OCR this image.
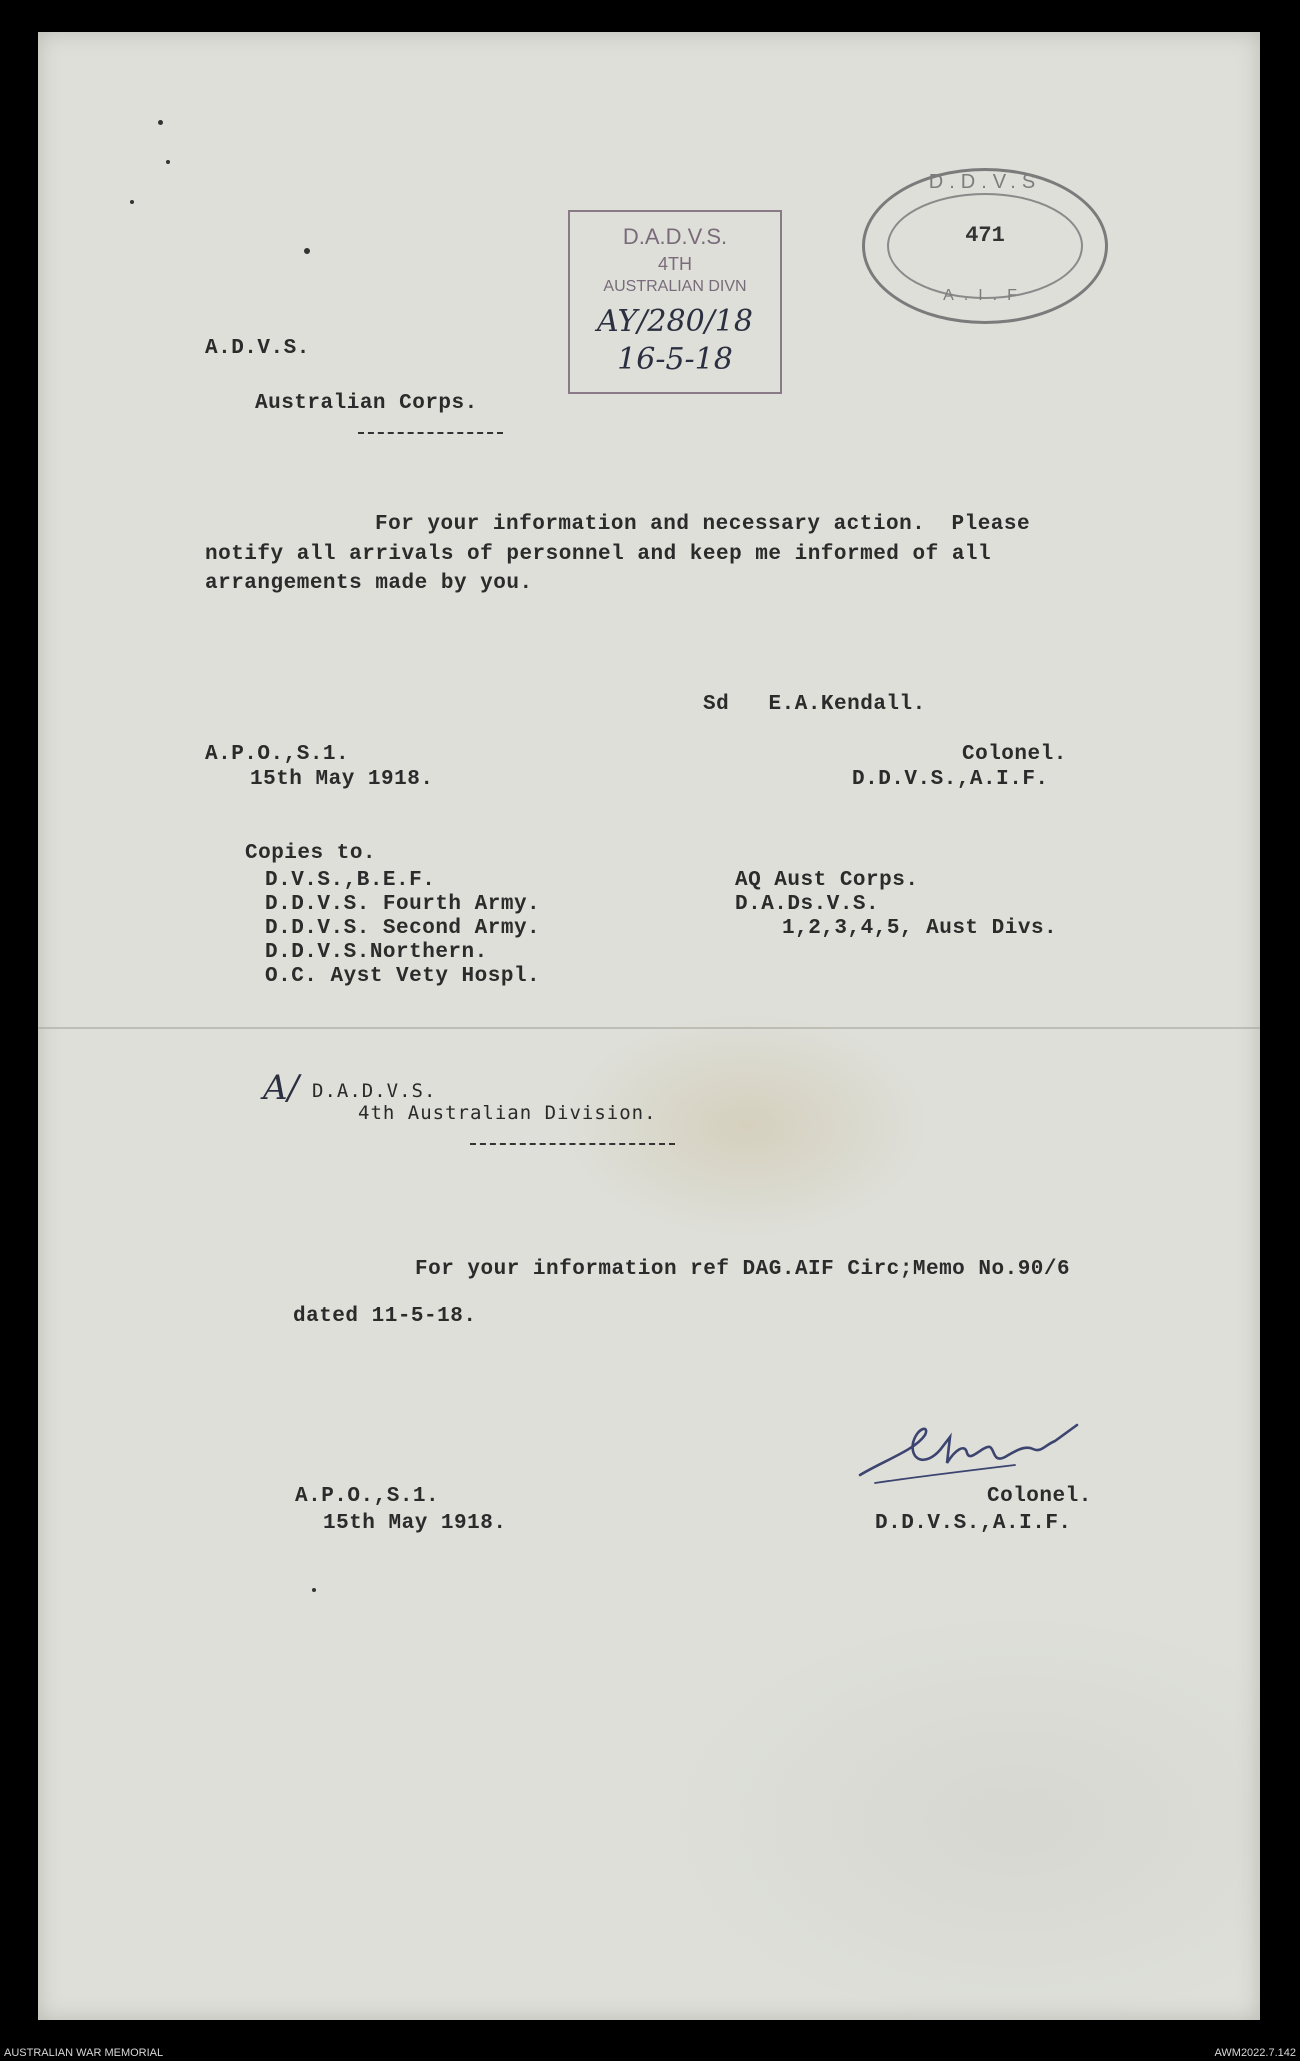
D.A.D.V.S.
4TH
AUSTRALIAN DIVN
AY/280/18
16-5-18
D.D.V.S
471
A.I.F
A.D.V.S.
Australian Corps.
For your information and necessary action.  Please
notify all arrivals of personnel and keep me informed of all
arrangements made by you.
Sd   E.A.Kendall.
A.P.O.,S.1.
15th May 1918.
Colonel.
D.D.V.S.,A.I.F.
Copies to.
D.V.S.,B.E.F.
D.D.V.S. Fourth Army.
D.D.V.S. Second Army.
D.D.V.S.Northern.
O.C. Ayst Vety Hospl.
AQ Aust Corps.
D.A.Ds.V.S.
1,2,3,4,5, Aust Divs.
A/ D.A.D.V.S.
4th Australian Division.
For your information ref DAG.AIF Circ;Memo No.90/6
dated 11-5-18.
A.P.O.,S.1.
15th May 1918.
Colonel.
D.D.V.S.,A.I.F.
AUSTRALIAN WAR MEMORIAL	AWM2022.7.142
